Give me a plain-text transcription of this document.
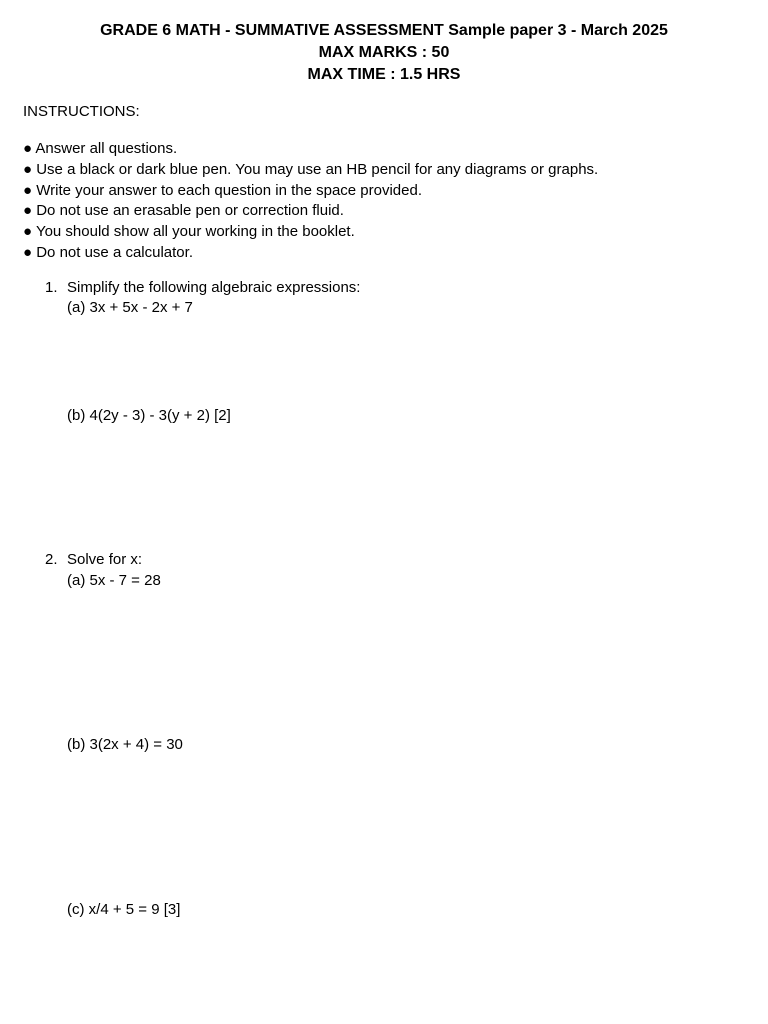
GRADE 6 MATH - SUMMATIVE ASSESSMENT Sample paper 3 - March 2025
MAX MARKS : 50
MAX TIME : 1.5 HRS
INSTRUCTIONS:
● Answer all questions.
● Use a black or dark blue pen. You may use an HB pencil for any diagrams or graphs.
● Write your answer to each question in the space provided.
● Do not use an erasable pen or correction fluid.
● You should show all your working in the booklet.
● Do not use a calculator.
1. Simplify the following algebraic expressions:
(a) 3x + 5x - 2x + 7
(b) 4(2y - 3) - 3(y + 2) [2]
2. Solve for x:
(a) 5x - 7 = 28
(b) 3(2x + 4) = 30
(c) x/4 + 5 = 9 [3]
